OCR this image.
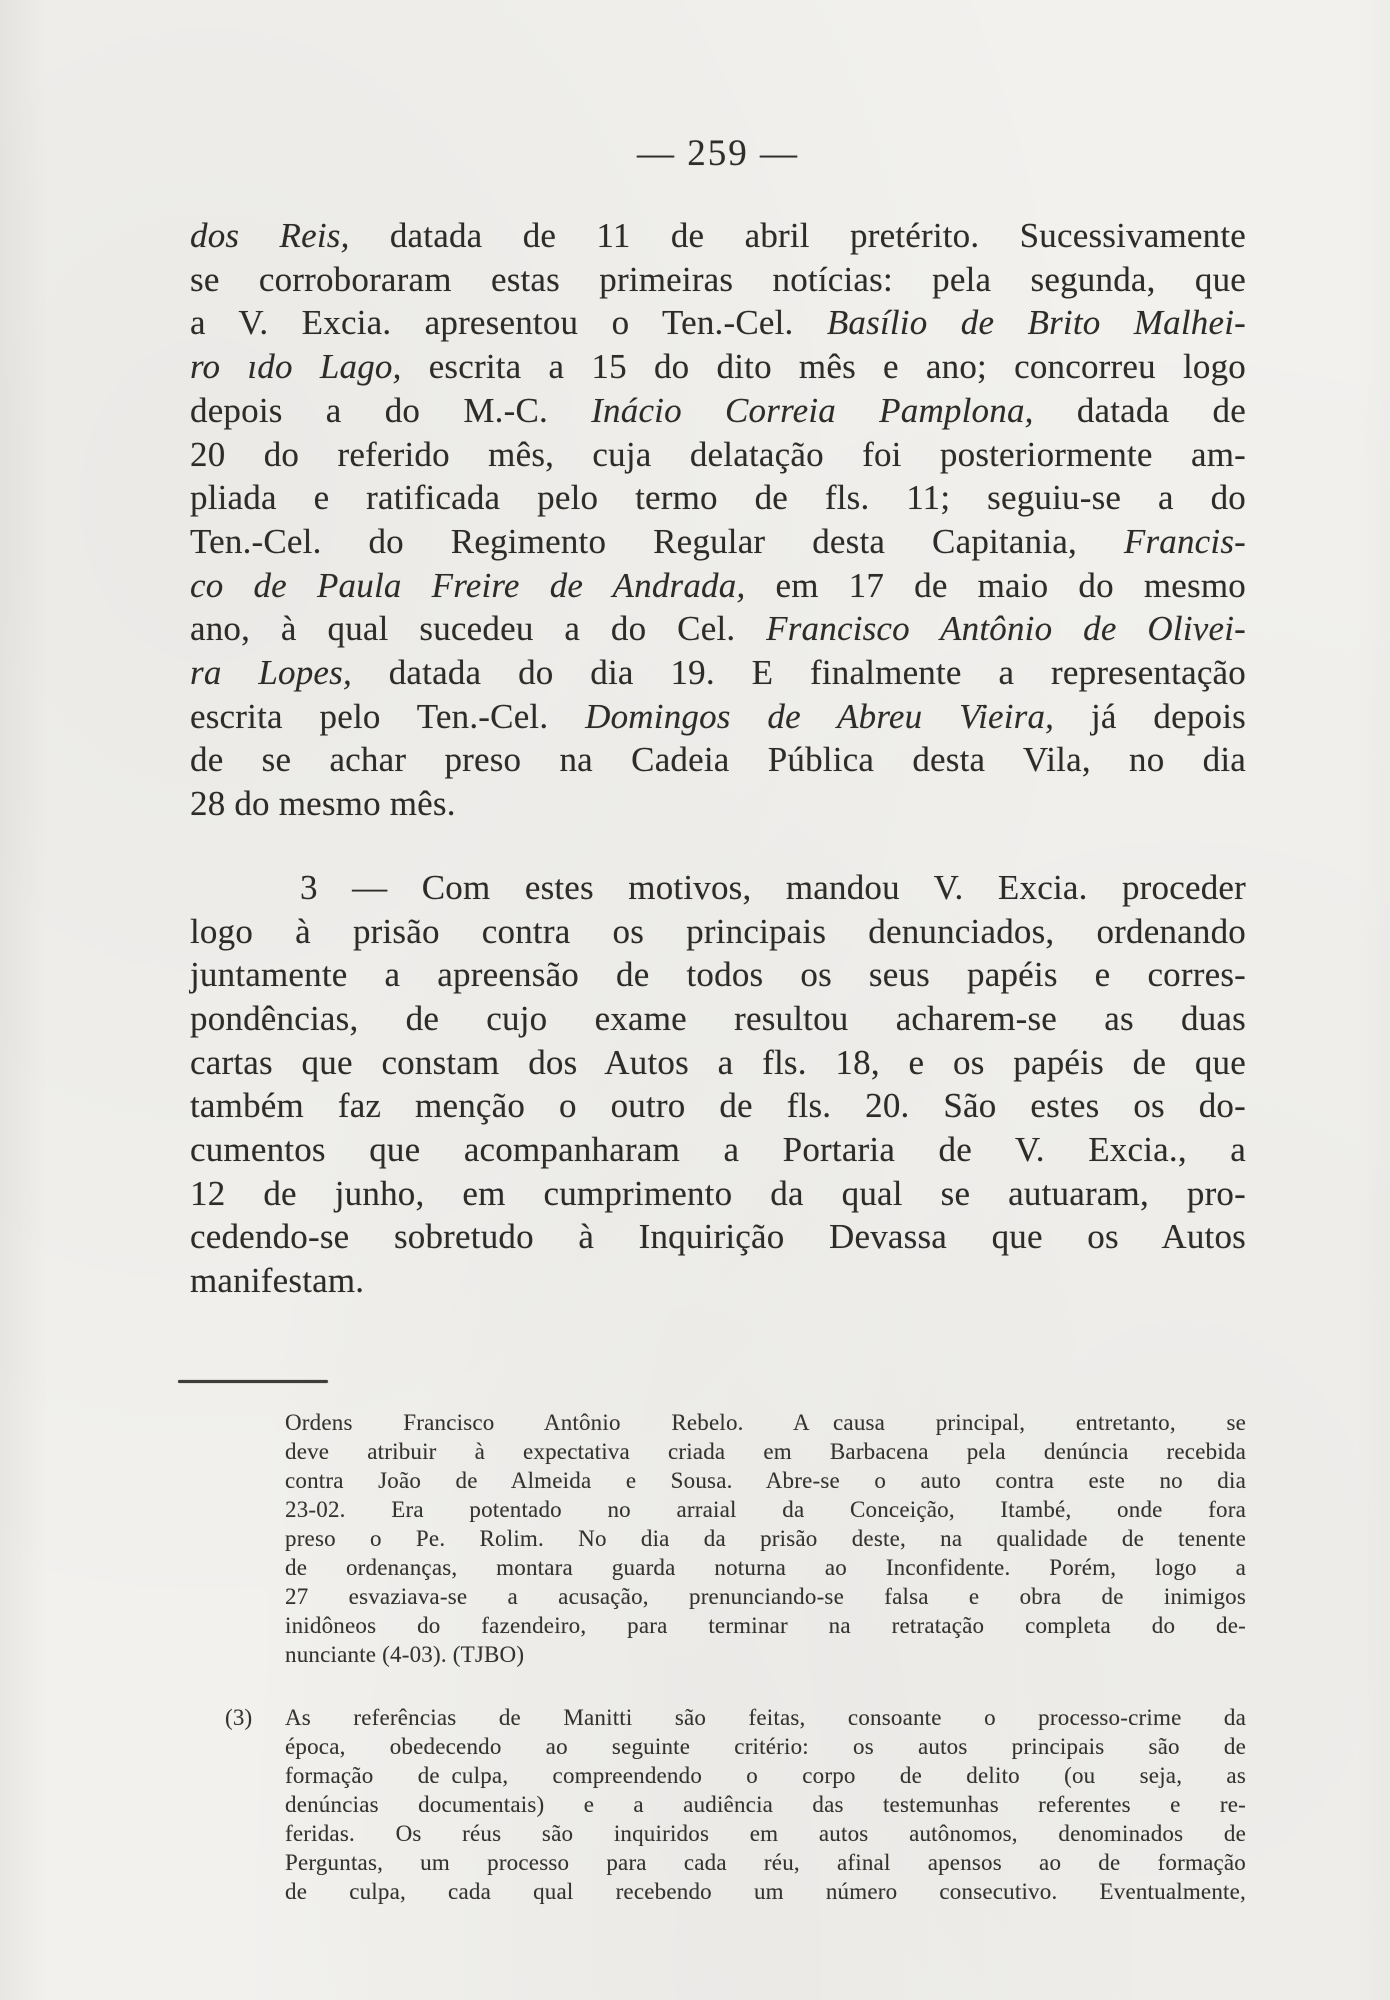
— 259 —
dos Reis, datada de 11 de abril pretérito. Sucessivamente
se corroboraram estas primeiras notícias: pela segunda, que
a V. Excia. apresentou o Ten.-Cel. Basílio de Brito Malhei-
ro ıdo Lago, escrita a 15 do dito mês e ano; concorreu logo
depois a do M.-C. Inácio Correia Pamplona, datada de
20 do referido mês, cuja delatação foi posteriormente am-
pliada e ratificada pelo termo de fls. 11; seguiu-se a do
Ten.-Cel. do Regimento Regular desta Capitania, Francis-
co de Paula Freire de Andrada, em 17 de maio do mesmo
ano, à qual sucedeu a do Cel. Francisco Antônio de Olivei-
ra Lopes, datada do dia 19. E finalmente a representação
escrita pelo Ten.-Cel. Domingos de Abreu Vieira, já depois
de se achar preso na Cadeia Pública desta Vila, no dia
28 do mesmo mês.
3 — Com estes motivos, mandou V. Excia. proceder
logo à prisão contra os principais denunciados, ordenando
juntamente a apreensão de todos os seus papéis e corres-
pondências, de cujo exame resultou acharem-se as duas
cartas que constam dos Autos a fls. 18, e os papéis de que
também faz menção o outro de fls. 20. São estes os do-
cumentos que acompanharam a Portaria de V. Excia., a
12 de junho, em cumprimento da qual se autuaram, pro-
cedendo-se sobretudo à Inquirição Devassa que os Autos
manifestam.
Ordens Francisco Antônio Rebelo. A causa principal, entretanto, se
deve atribuir à expectativa criada em Barbacena pela denúncia recebida
contra João de Almeida e Sousa. Abre-se o auto contra este no dia
23-02. Era potentado no arraial da Conceição, Itambé, onde fora
preso o Pe. Rolim. No dia da prisão deste, na qualidade de tenente
de ordenanças, montara guarda noturna ao Inconfidente. Porém, logo a
27 esvaziava-se a acusação, prenunciando-se falsa e obra de inimigos
inidôneos do fazendeiro, para terminar na retratação completa do de-
nunciante (4-03). (TJBO)
(3) As referências de Manitti são feitas, consoante o processo-crime da
época, obedecendo ao seguinte critério: os autos principais são de
formação de culpa, compreendendo o corpo de delito (ou seja, as
denúncias documentais) e a audiência das testemunhas referentes e re-
feridas. Os réus são inquiridos em autos autônomos, denominados de
Perguntas, um processo para cada réu, afinal apensos ao de formação
de culpa, cada qual recebendo um número consecutivo. Eventualmente,
